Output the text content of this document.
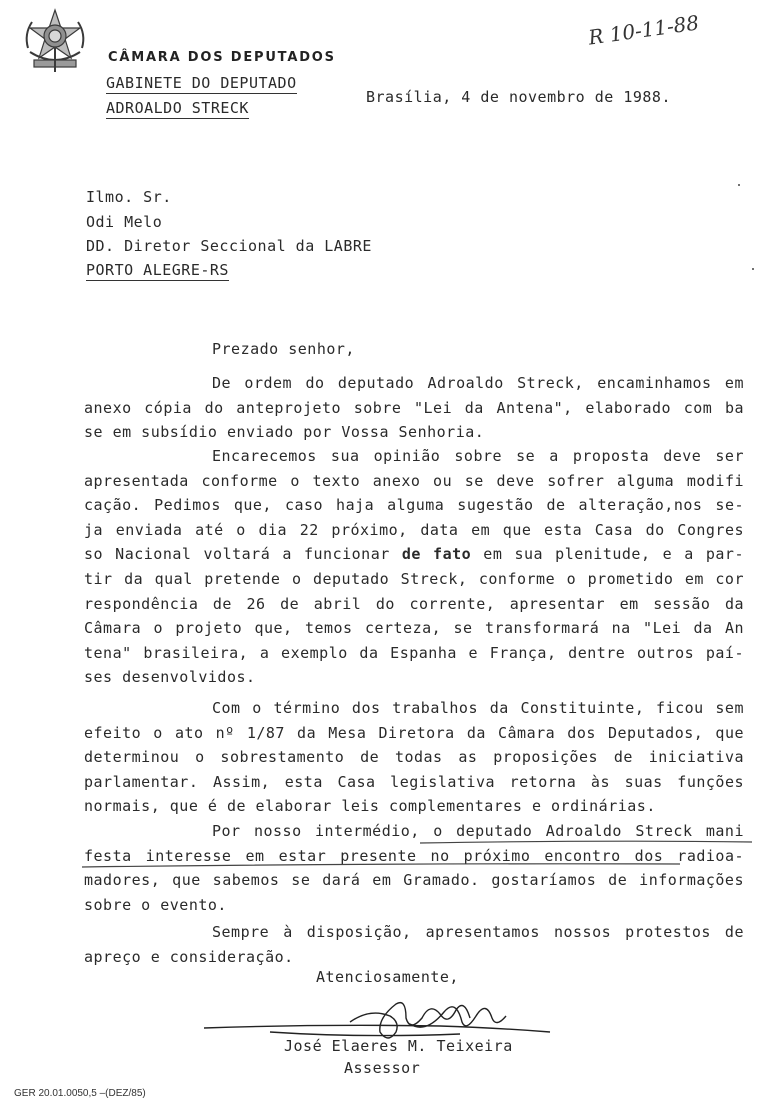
CÂMARA DOS DEPUTADOS
GABINETE DO DEPUTADO
ADROALDO STRECK
R 10-11-88
Brasília, 4 de novembro de 1988.
Ilmo. Sr.
Odi Melo
DD. Diretor Seccional da LABRE
PORTO ALEGRE-RS
Prezado senhor,
De ordem do deputado Adroaldo Streck, encaminhamos em
anexo cópia do anteprojeto sobre "Lei da Antena", elaborado com ba
se em subsídio enviado por Vossa Senhoria.
Encarecemos sua opinião sobre se a proposta deve ser
apresentada conforme o texto anexo ou se deve sofrer alguma modifi
cação. Pedimos que, caso haja alguma sugestão de alteração,nos se-
ja enviada até o dia 22 próximo, data em que esta Casa do Congres
so Nacional voltará a funcionar de fato em sua plenitude, e a par-
tir da qual pretende o deputado Streck, conforme o prometido em cor
respondência de 26 de abril do corrente, apresentar em sessão da
Câmara o projeto que, temos certeza, se transformará na "Lei da An
tena" brasileira, a exemplo da Espanha e França, dentre outros paí-
ses desenvolvidos.
Com o término dos trabalhos da Constituinte, ficou sem
efeito o ato nº 1/87 da Mesa Diretora da Câmara dos Deputados, que
determinou o sobrestamento de todas as proposições de iniciativa
parlamentar. Assim, esta Casa legislativa retorna às suas funções
normais, que é de elaborar leis complementares e ordinárias.
Por nosso intermédio, o deputado Adroaldo Streck mani
festa interesse em estar presente no próximo encontro dos radioa-
madores, que sabemos se dará em Gramado. gostaríamos de informações
sobre o evento.
Sempre à disposição, apresentamos nossos protestos de
apreço e consideração.
Atenciosamente,
José Elaeres M. Teixeira
Assessor
GER 20.01.0050,5 –(DEZ/85)
